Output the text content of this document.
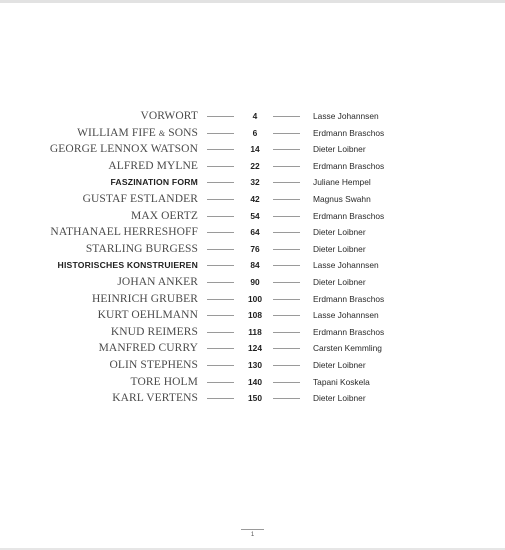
VORWORT	4	Lasse Johannsen
WILLIAM FIFE & SONS	6	Erdmann Braschos
GEORGE LENNOX WATSON	14	Dieter Loibner
ALFRED MYLNE	22	Erdmann Braschos
FASZINATION FORM	32	Juliane Hempel
GUSTAF ESTLANDER	42	Magnus Swahn
MAX OERTZ	54	Erdmann Braschos
NATHANAEL HERRESHOFF	64	Dieter Loibner
STARLING BURGESS	76	Dieter Loibner
HISTORISCHES KONSTRUIEREN	84	Lasse Johannsen
JOHAN ANKER	90	Dieter Loibner
HEINRICH GRUBER	100	Erdmann Braschos
KURT OEHLMANN	108	Lasse Johannsen
KNUD REIMERS	118	Erdmann Braschos
MANFRED CURRY	124	Carsten Kemmling
OLIN STEPHENS	130	Dieter Loibner
TORE HOLM	140	Tapani Koskela
KARL VERTENS	150	Dieter Loibner
1
